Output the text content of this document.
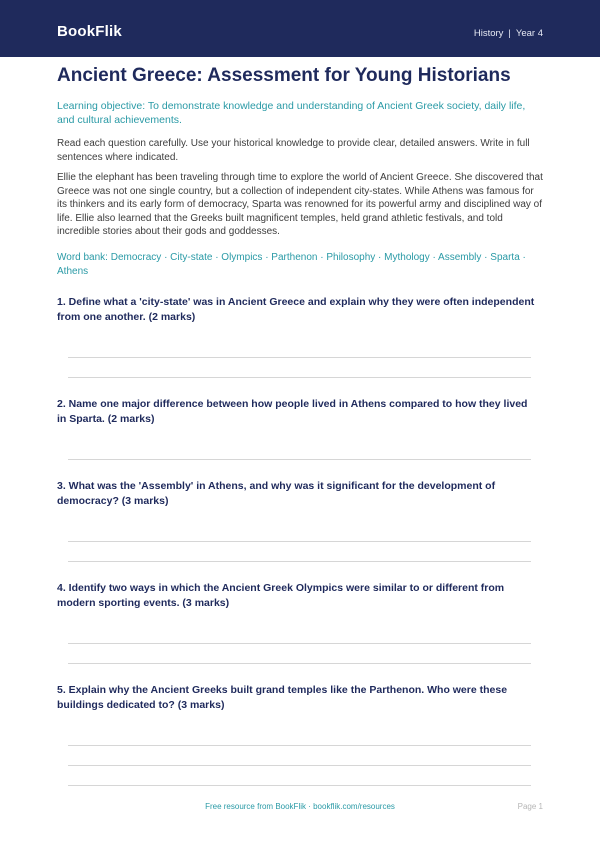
BookFlik	History | Year 4
Ancient Greece: Assessment for Young Historians

Learning objective: To demonstrate knowledge and understanding of Ancient Greek society, daily life, and cultural achievements.

Read each question carefully. Use your historical knowledge to provide clear, detailed answers. Write in full sentences where indicated.

Ellie the elephant has been traveling through time to explore the world of Ancient Greece. She discovered that Greece was not one single country, but a collection of independent city-states. While Athens was famous for its thinkers and its early form of democracy, Sparta was renowned for its powerful army and disciplined way of life. Ellie also learned that the Greeks built magnificent temples, held grand athletic festivals, and told incredible stories about their gods and goddesses.

Word bank: Democracy · City-state · Olympics · Parthenon · Philosophy · Mythology · Assembly · Sparta · Athens

1. Define what a 'city-state' was in Ancient Greece and explain why they were often independent from one another. (2 marks)

2. Name one major difference between how people lived in Athens compared to how they lived in Sparta. (2 marks)

3. What was the 'Assembly' in Athens, and why was it significant for the development of democracy? (3 marks)

4. Identify two ways in which the Ancient Greek Olympics were similar to or different from modern sporting events. (3 marks)

5. Explain why the Ancient Greeks built grand temples like the Parthenon. Who were these buildings dedicated to? (3 marks)

Free resource from BookFlik · bookflik.com/resources	Page 1
